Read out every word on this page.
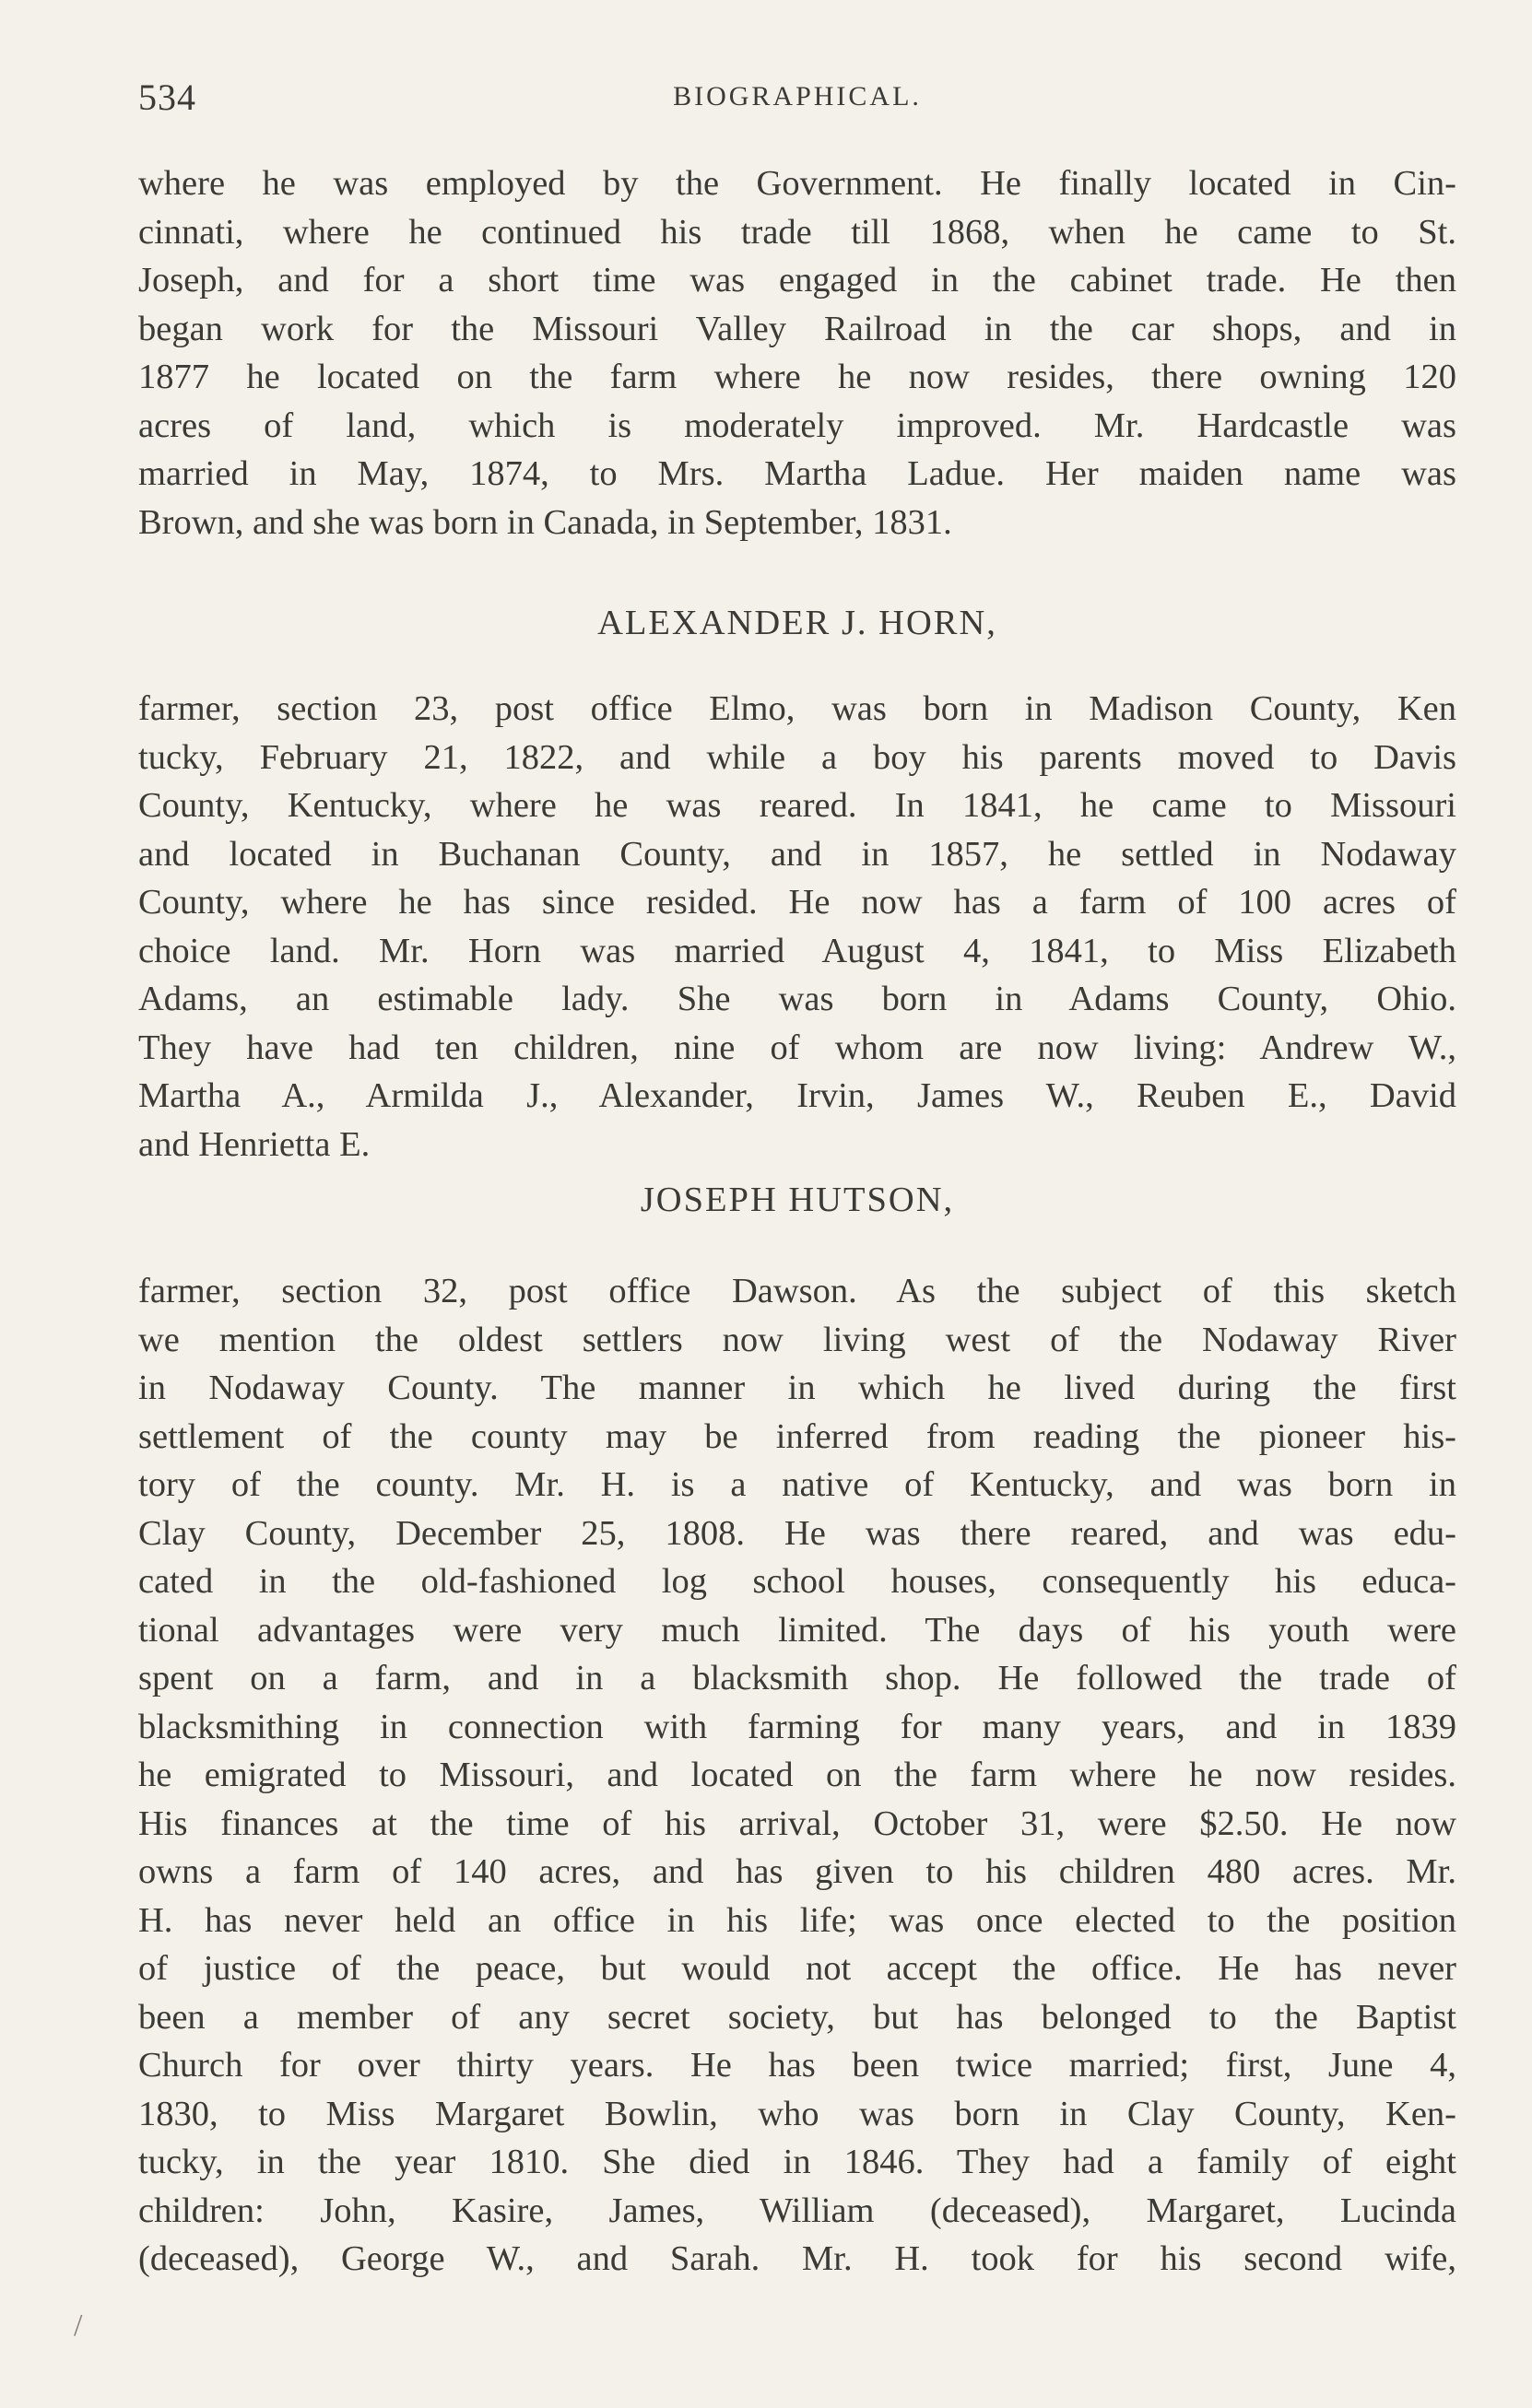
534	BIOGRAPHICAL.
where he was employed by the Government. He finally located in Cin-
cinnati, where he continued his trade till 1868, when he came to St.
Joseph, and for a short time was engaged in the cabinet trade. He then
began work for the Missouri Valley Railroad in the car shops, and in
1877 he located on the farm where he now resides, there owning 120
acres of land, which is moderately improved. Mr. Hardcastle was
married in May, 1874, to Mrs. Martha Ladue. Her maiden name was
Brown, and she was born in Canada, in September, 1831.
ALEXANDER J. HORN,
farmer, section 23, post office Elmo, was born in Madison County, Ken
tucky, February 21, 1822, and while a boy his parents moved to Davis
County, Kentucky, where he was reared. In 1841, he came to Missouri
and located in Buchanan County, and in 1857, he settled in Nodaway
County, where he has since resided. He now has a farm of 100 acres of
choice land. Mr. Horn was married August 4, 1841, to Miss Elizabeth
Adams, an estimable lady. She was born in Adams County, Ohio.
They have had ten children, nine of whom are now living: Andrew W.,
Martha A., Armilda J., Alexander, Irvin, James W., Reuben E., David
and Henrietta E.
JOSEPH HUTSON,
farmer, section 32, post office Dawson. As the subject of this sketch
we mention the oldest settlers now living west of the Nodaway River
in Nodaway County. The manner in which he lived during the first
settlement of the county may be inferred from reading the pioneer his-
tory of the county. Mr. H. is a native of Kentucky, and was born in
Clay County, December 25, 1808. He was there reared, and was edu-
cated in the old-fashioned log school houses, consequently his educa-
tional advantages were very much limited. The days of his youth were
spent on a farm, and in a blacksmith shop. He followed the trade of
blacksmithing in connection with farming for many years, and in 1839
he emigrated to Missouri, and located on the farm where he now resides.
His finances at the time of his arrival, October 31, were $2.50. He now
owns a farm of 140 acres, and has given to his children 480 acres. Mr.
H. has never held an office in his life; was once elected to the position
of justice of the peace, but would not accept the office. He has never
been a member of any secret society, but has belonged to the Baptist
Church for over thirty years. He has been twice married; first, June 4,
1830, to Miss Margaret Bowlin, who was born in Clay County, Ken-
tucky, in the year 1810. She died in 1846. They had a family of eight
children: John, Kasire, James, William (deceased), Margaret, Lucinda
(deceased), George W., and Sarah. Mr. H. took for his second wife,
/
